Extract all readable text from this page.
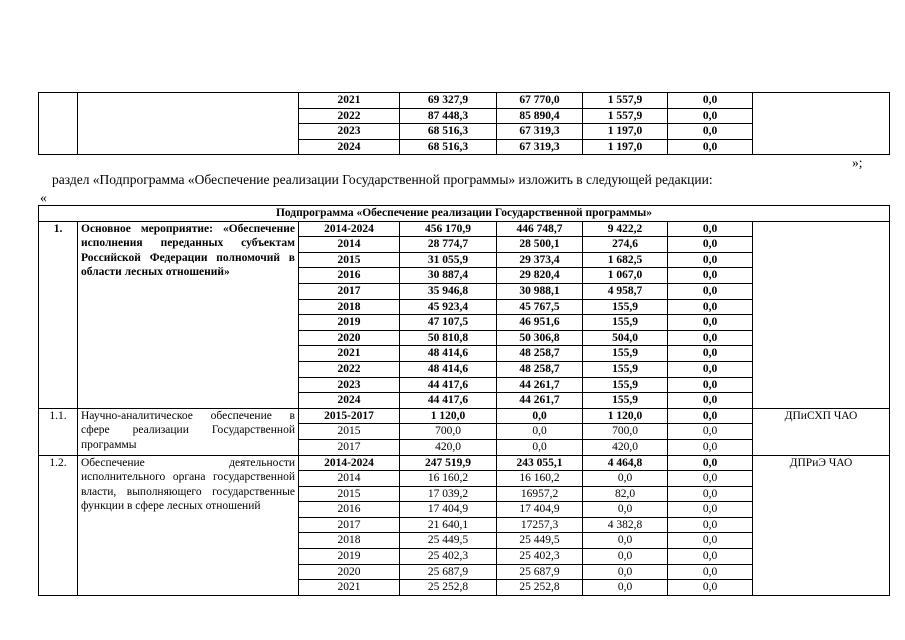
		2021	69 327,9	67 770,0	1 557,9	0,0	
		2022	87 448,3	85 890,4	1 557,9	0,0	
		2023	68 516,3	67 319,3	1 197,0	0,0	
		2024	68 516,3	67 319,3	1 197,0	0,0	
»;
раздел «Подпрограмма «Обеспечение реализации Государственной программы» изложить в следующей редакции:
«
Подпрограмма «Обеспечение реализации Государственной программы»							
1.	Основное мероприятие: «Обеспечение исполнения переданных субъектам Российской Федерации полномочий в области лесных отношений»	2014-2024	456 170,9	446 748,7	9 422,2	0,0	
		2014	28 774,7	28 500,1	274,6	0,0	
		2015	31 055,9	29 373,4	1 682,5	0,0	
		2016	30 887,4	29 820,4	1 067,0	0,0	
		2017	35 946,8	30 988,1	4 958,7	0,0	
		2018	45 923,4	45 767,5	155,9	0,0	
		2019	47 107,5	46 951,6	155,9	0,0	
		2020	50 810,8	50 306,8	504,0	0,0	
		2021	48 414,6	48 258,7	155,9	0,0	
		2022	48 414,6	48 258,7	155,9	0,0	
		2023	44 417,6	44 261,7	155,9	0,0	
		2024	44 417,6	44 261,7	155,9	0,0	
1.1.	Научно-аналитическое обеспечение в сфере реализации Государственной программы	2015-2017	1 120,0	0,0	1 120,0	0,0	ДПиСХП ЧАО
		2015	700,0	0,0	700,0	0,0	
		2017	420,0	0,0	420,0	0,0	
1.2.	Обеспечение деятельности исполнительного органа государственной власти, выполняющего государственные функции в сфере лесных отношений	2014-2024	247 519,9	243 055,1	4 464,8	0,0	ДПРиЭ ЧАО
		2014	16 160,2	16 160,2	0,0	0,0	
		2015	17 039,2	16957,2	82,0	0,0	
		2016	17 404,9	17 404,9	0,0	0,0	
		2017	21 640,1	17257,3	4 382,8	0,0	
		2018	25 449,5	25 449,5	0,0	0,0	
		2019	25 402,3	25 402,3	0,0	0,0	
		2020	25 687,9	25 687,9	0,0	0,0	
		2021	25 252,8	25 252,8	0,0	0,0	
